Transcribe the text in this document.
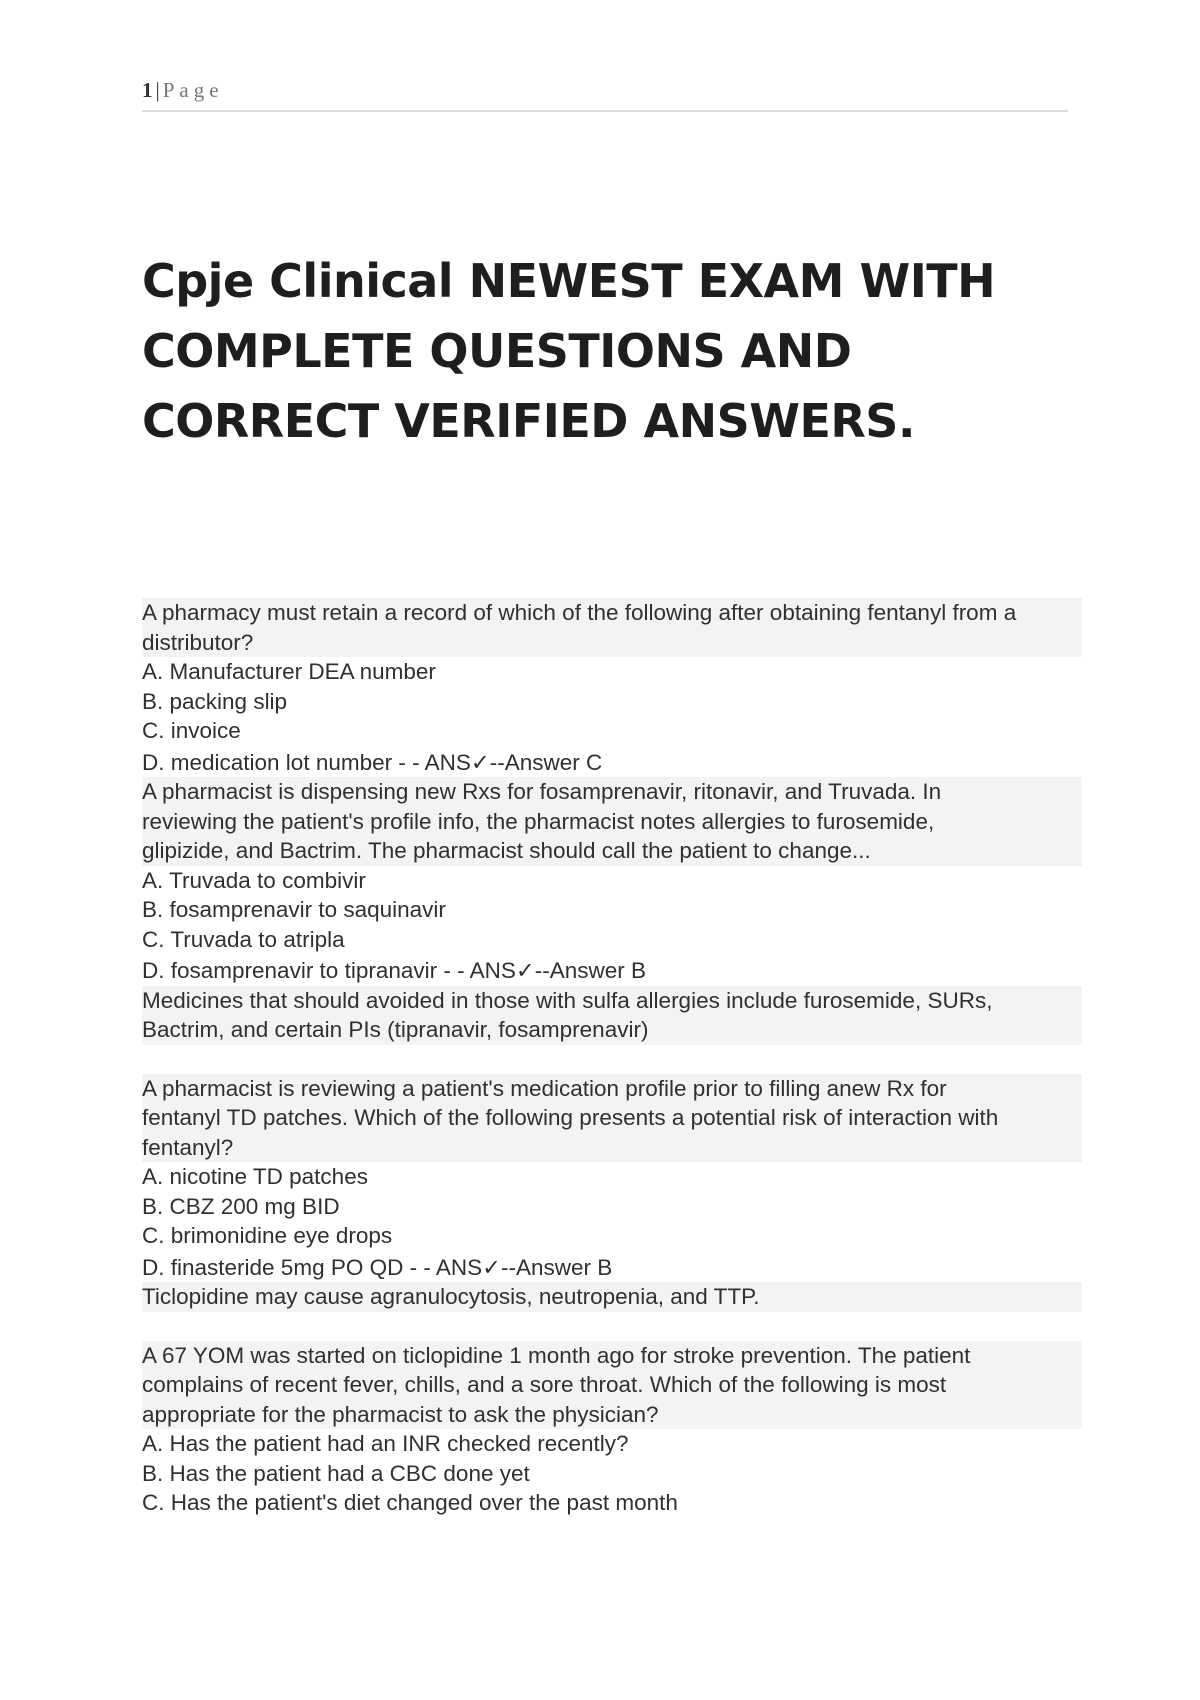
1|Page
Cpje Clinical NEWEST EXAM WITH COMPLETE QUESTIONS AND CORRECT VERIFIED ANSWERS.
A pharmacy must retain a record of which of the following after obtaining fentanyl from a
distributor?
A. Manufacturer DEA number
B. packing slip
C. invoice
D. medication lot number - - ANS✓--Answer C
A pharmacist is dispensing new Rxs for fosamprenavir, ritonavir, and Truvada. In
reviewing the patient's profile info, the pharmacist notes allergies to furosemide,
glipizide, and Bactrim. The pharmacist should call the patient to change...
A. Truvada to combivir
B. fosamprenavir to saquinavir
C. Truvada to atripla
D. fosamprenavir to tipranavir - - ANS✓--Answer B
Medicines that should avoided in those with sulfa allergies include furosemide, SURs,
Bactrim, and certain PIs (tipranavir, fosamprenavir)
A pharmacist is reviewing a patient's medication profile prior to filling anew Rx for
fentanyl TD patches. Which of the following presents a potential risk of interaction with
fentanyl?
A. nicotine TD patches
B. CBZ 200 mg BID
C. brimonidine eye drops
D. finasteride 5mg PO QD - - ANS✓--Answer B
Ticlopidine may cause agranulocytosis, neutropenia, and TTP.
A 67 YOM was started on ticlopidine 1 month ago for stroke prevention. The patient
complains of recent fever, chills, and a sore throat. Which of the following is most
appropriate for the pharmacist to ask the physician?
A. Has the patient had an INR checked recently?
B. Has the patient had a CBC done yet
C. Has the patient's diet changed over the past month
